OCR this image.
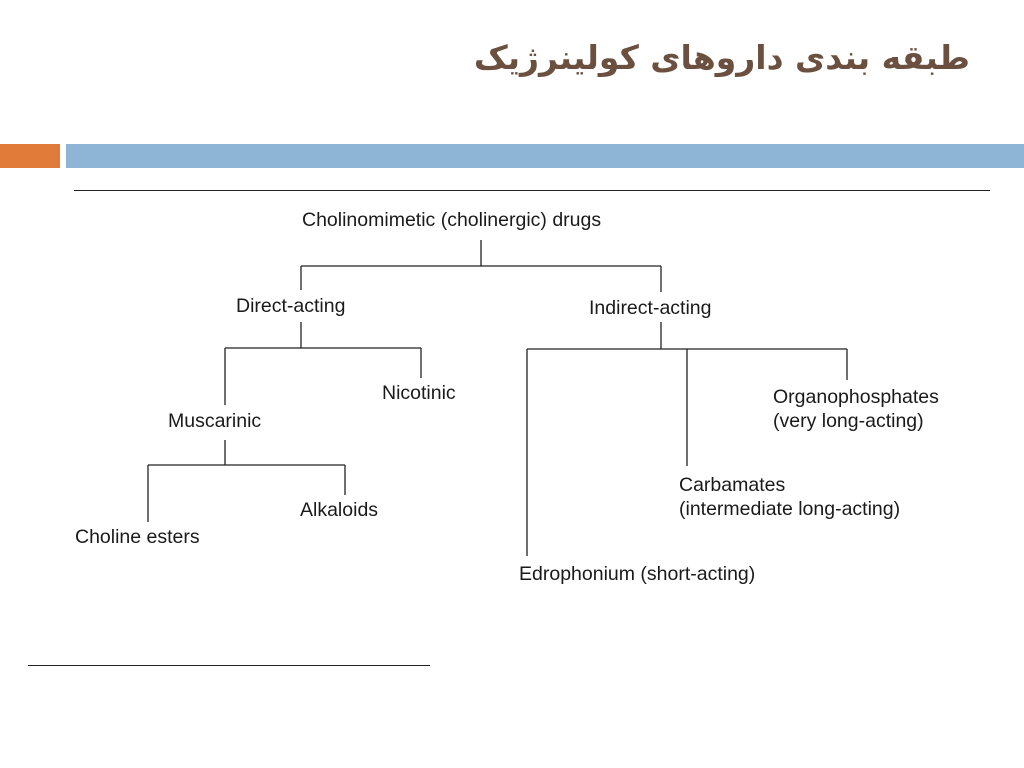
طبقه بندی داروهای کولینرژیک
Cholinomimetic (cholinergic) drugs
Direct-acting	Indirect-acting
Nicotinic
Muscarinic
Alkaloids
Choline esters
Organophosphates
(very long-acting)
Carbamates
(intermediate long-acting)
Edrophonium (short-acting)
